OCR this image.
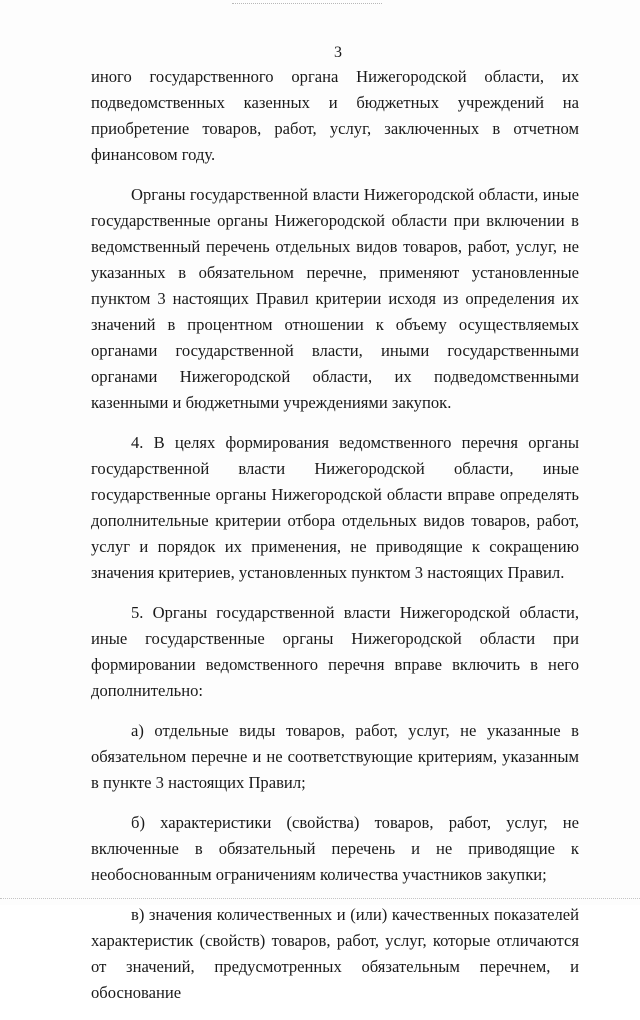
3

иного государственного органа Нижегородской области, их подведомственных казенных и бюджетных учреждений на приобретение товаров, работ, услуг, заключенных в отчетном финансовом году.

Органы государственной власти Нижегородской области, иные государственные органы Нижегородской области при включении в ведомственный перечень отдельных видов товаров, работ, услуг, не указанных в обязательном перечне, применяют установленные пунктом 3 настоящих Правил критерии исходя из определения их значений в процентном отношении к объему осуществляемых органами государственной власти, иными государственными органами Нижегородской области, их подведомственными казенными и бюджетными учреждениями закупок.

4. В целях формирования ведомственного перечня органы государственной власти Нижегородской области, иные государственные органы Нижегородской области вправе определять дополнительные критерии отбора отдельных видов товаров, работ, услуг и порядок их применения, не приводящие к сокращению значения критериев, установленных пунктом 3 настоящих Правил.

5. Органы государственной власти Нижегородской области, иные государственные органы Нижегородской области при формировании ведомственного перечня вправе включить в него дополнительно:

а) отдельные виды товаров, работ, услуг, не указанные в обязательном перечне и не соответствующие критериям, указанным в пункте 3 настоящих Правил;

б) характеристики (свойства) товаров, работ, услуг, не включенные в обязательный перечень и не приводящие к необоснованным ограничениям количества участников закупки;

в) значения количественных и (или) качественных показателей характеристик (свойств) товаров, работ, услуг, которые отличаются от значений, предусмотренных обязательным перечнем, и обоснование
